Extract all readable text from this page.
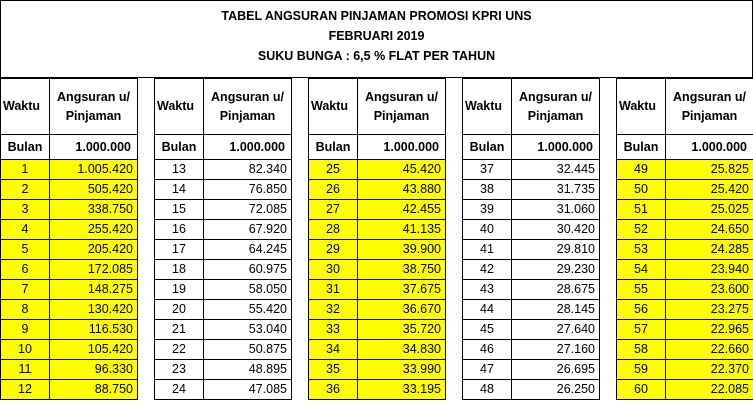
TABEL ANGSURAN PINJAMAN PROMOSI KPRI UNS
FEBRUARI 2019
SUKU BUNGA : 6,5 % FLAT PER TAHUN
Waktu	Angsuran u/
Pinjaman
Bulan	1.000.000
1	1.005.420
2	505.420
3	338.750
4	255.420
5	205.420
6	172.085
7	148.275
8	130.420
9	116.530
10	105.420
11	96.330
12	88.750
Waktu	Angsuran u/
Pinjaman
Bulan	1.000.000
13	82.340
14	76.850
15	72.085
16	67.920
17	64.245
18	60.975
19	58.050
20	55.420
21	53.040
22	50.875
23	48.895
24	47.085
Waktu	Angsuran u/
Pinjaman
Bulan	1.000.000
25	45.420
26	43.880
27	42.455
28	41.135
29	39.900
30	38.750
31	37.675
32	36.670
33	35.720
34	34.830
35	33.990
36	33.195
Waktu	Angsuran u/
Pinjaman
Bulan	1.000.000
37	32.445
38	31.735
39	31.060
40	30.420
41	29.810
42	29.230
43	28.675
44	28.145
45	27.640
46	27.160
47	26.695
48	26.250
Waktu	Angsuran u/
Pinjaman
Bulan	1.000.000
49	25.825
50	25.420
51	25.025
52	24.650
53	24.285
54	23.940
55	23.600
56	23.275
57	22.965
58	22.660
59	22.370
60	22.085
